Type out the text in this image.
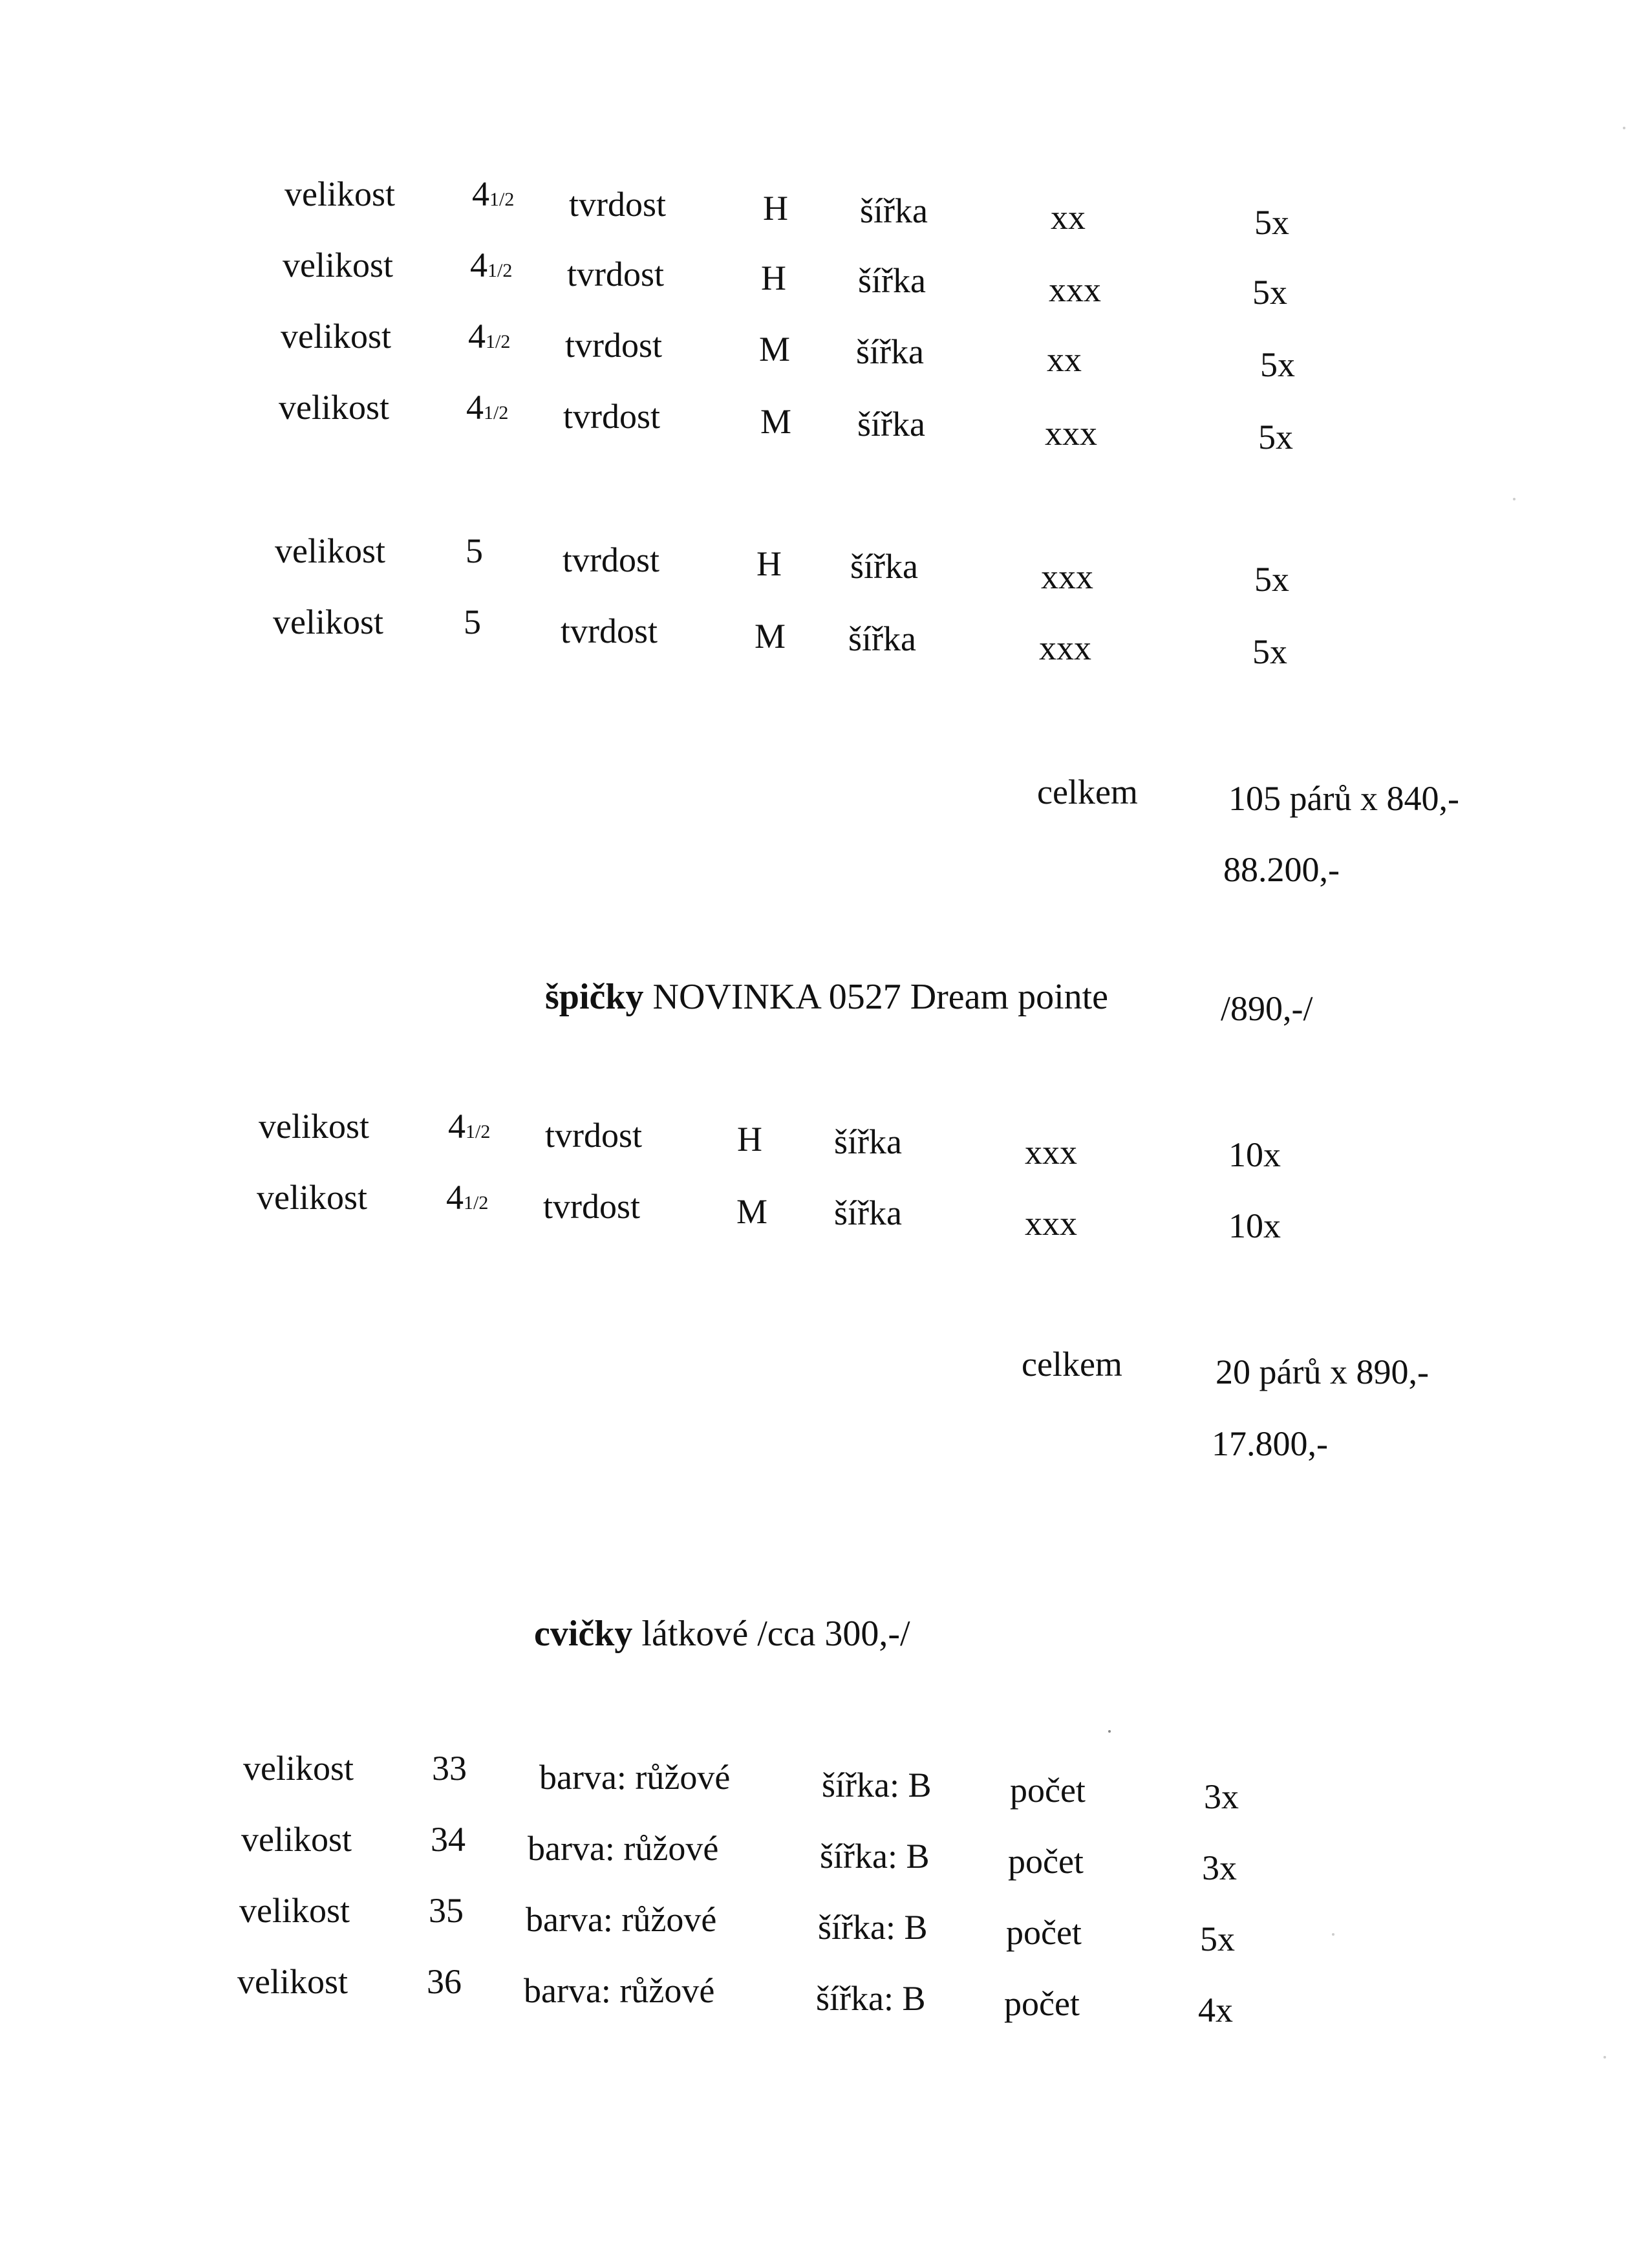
velikost 41/2 tvrdost	H šířka	xx	5x
velikost 41/2 tvrdost	H šířka	xxx	5x
velikost 41/2 tvrdost	M šířka	xx	5x
velikost 41/2 tvrdost	M šířka	xxx	5x
velikost 5 tvrdost	H šířka	xxx	5x
velikost 5 tvrdost	M šířka	xxx	5x
celkem	105 párů x 840,-
88.200,-
špičky NOVINKA 0527 Dream pointe	/890,-/
velikost 41/2 tvrdost	H šířka	xxx	10x
velikost 41/2 tvrdost	M šířka	xxx	10x
celkem	20 párů x 890,-
17.800,-
cvičky látkové /cca 300,-/
velikost 33 barva: růžové	šířka: B počet	3x
velikost 34 barva: růžové	šířka: B počet	3x
velikost 35 barva: růžové	šířka: B počet	5x
velikost 36 barva: růžové	šířka: B počet	4x
